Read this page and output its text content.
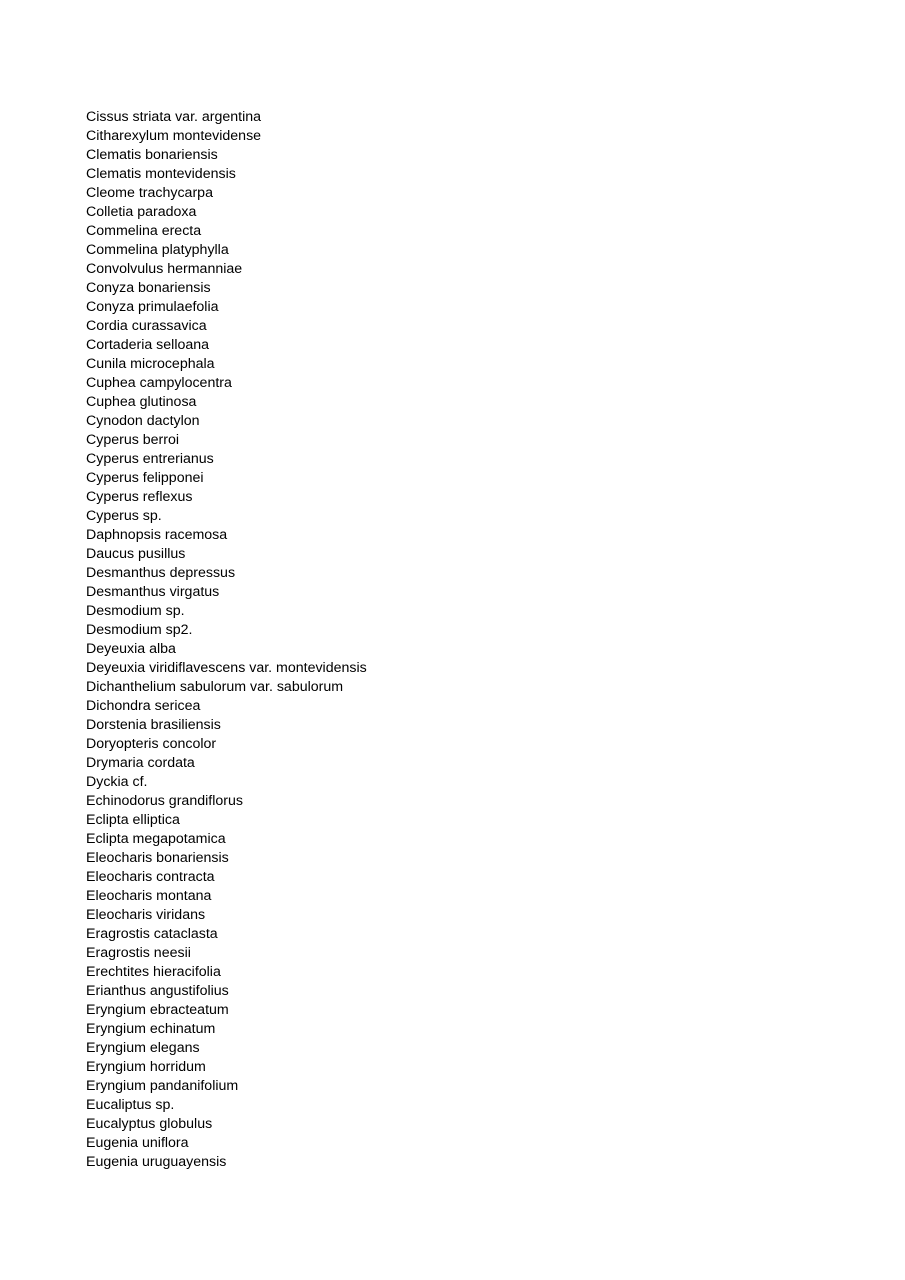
Cissus striata var. argentina
Citharexylum montevidense
Clematis bonariensis
Clematis montevidensis
Cleome trachycarpa
Colletia paradoxa
Commelina erecta
Commelina platyphylla
Convolvulus hermanniae
Conyza bonariensis
Conyza primulaefolia
Cordia curassavica
Cortaderia selloana
Cunila microcephala
Cuphea campylocentra
Cuphea glutinosa
Cynodon dactylon
Cyperus berroi
Cyperus entrerianus
Cyperus felipponei
Cyperus reflexus
Cyperus sp.
Daphnopsis racemosa
Daucus pusillus
Desmanthus depressus
Desmanthus virgatus
Desmodium sp.
Desmodium sp2.
Deyeuxia alba
Deyeuxia viridiflavescens var. montevidensis
Dichanthelium sabulorum var. sabulorum
Dichondra sericea
Dorstenia brasiliensis
Doryopteris concolor
Drymaria cordata
Dyckia cf.
Echinodorus grandiflorus
Eclipta elliptica
Eclipta megapotamica
Eleocharis bonariensis
Eleocharis contracta
Eleocharis montana
Eleocharis viridans
Eragrostis cataclasta
Eragrostis neesii
Erechtites hieracifolia
Erianthus angustifolius
Eryngium ebracteatum
Eryngium echinatum
Eryngium elegans
Eryngium horridum
Eryngium pandanifolium
Eucaliptus sp.
Eucalyptus globulus
Eugenia uniflora
Eugenia uruguayensis
